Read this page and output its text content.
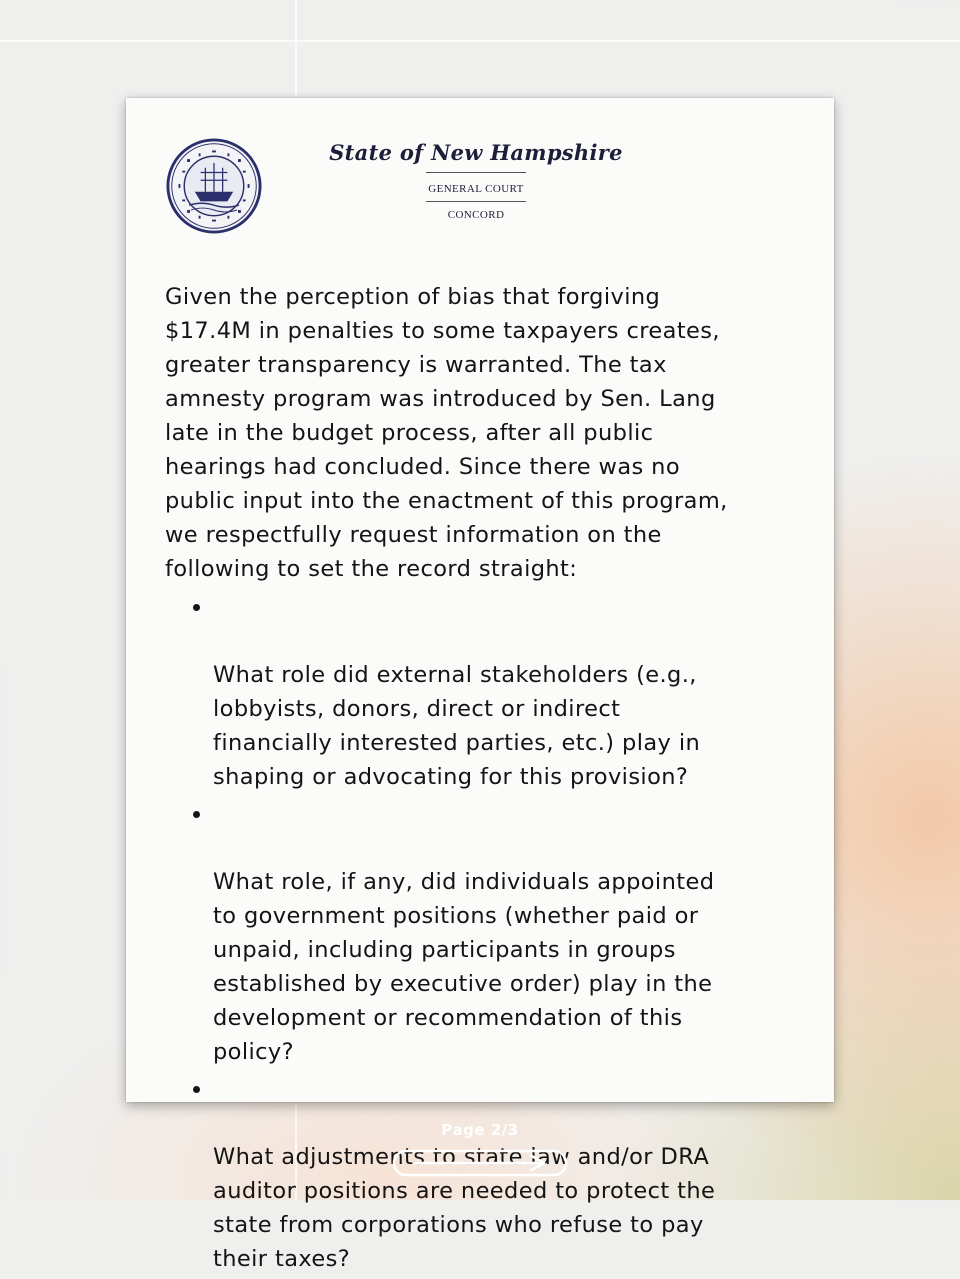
State of New Hampshire
GENERAL COURT
CONCORD

Given the perception of bias that forgiving
$17.4M in penalties to some taxpayers creates,
greater transparency is warranted. The tax
amnesty program was introduced by Sen. Lang
late in the budget process, after all public
hearings had concluded. Since there was no
public input into the enactment of this program,
we respectfully request information on the
following to set the record straight:

What role did external stakeholders (e.g.,
lobbyists, donors, direct or indirect
financially interested parties, etc.) play in
shaping or advocating for this provision?

What role, if any, did individuals appointed
to government positions (whether paid or
unpaid, including participants in groups
established by executive order) play in the
development or recommendation of this
policy?

What adjustments to state law and/or DRA
auditor positions are needed to protect the
state from corporations who refuse to pay
their taxes?

Page 2/3
